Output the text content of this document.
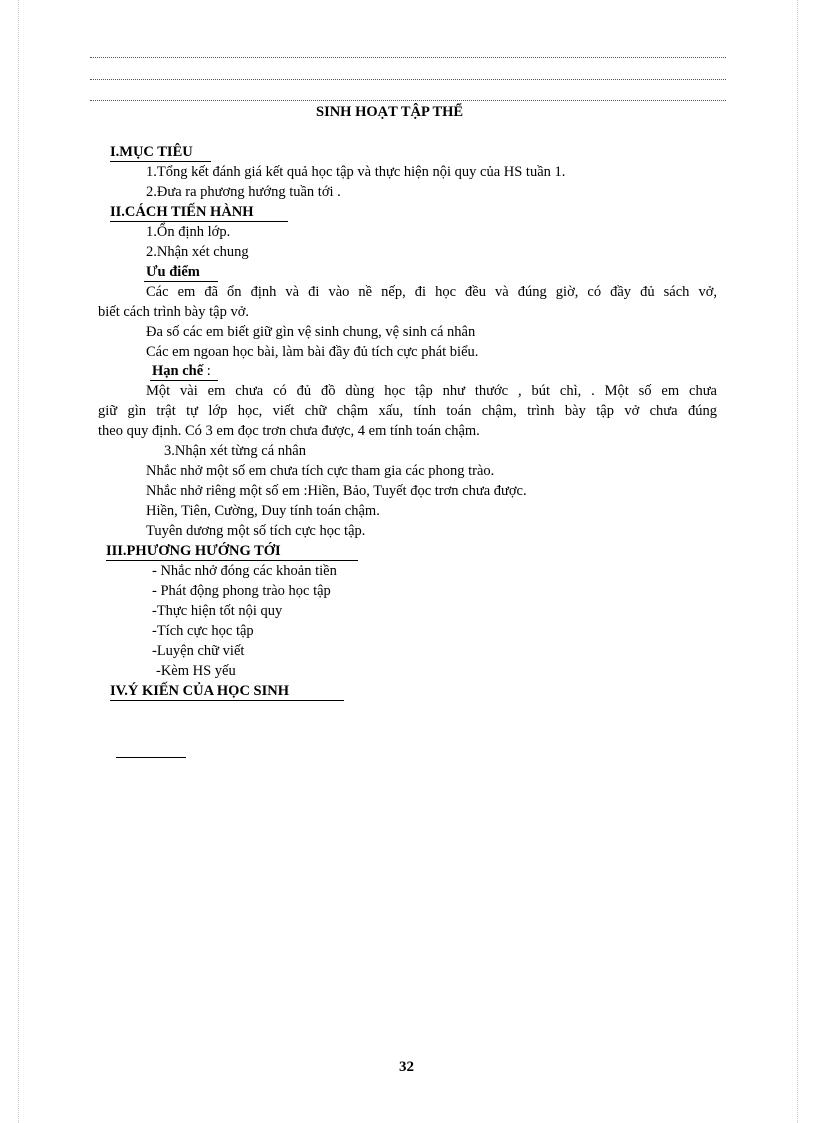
SINH HOẠT TẬP THỂ
I.MỤC TIÊU
1.Tổng kết đánh giá kết quả học tập và thực hiện nội quy của HS tuần 1.
2.Đưa ra phương hướng tuần tới .
II.CÁCH TIẾN HÀNH
1.Ổn định lớp.
2.Nhận xét chung
Ưu điểm
Các em đã ổn định và đi vào nề nếp, đi học đều và đúng giờ, có đầy đủ sách vở,
biết cách trình bày tập vở.
Đa số các em biết giữ gìn vệ sinh chung, vệ sinh cá nhân
Các em ngoan học bài, làm bài đầy đủ tích cực phát biểu.
Hạn chế :
Một vài em chưa có đủ đồ dùng học tập như thước , bút chì, . Một số em chưa
giữ gìn trật tự lớp học, viết chữ chậm xấu, tính toán chậm, trình bày tập vở chưa đúng
theo quy định. Có 3 em đọc trơn chưa được, 4 em tính toán chậm.
3.Nhận xét từng cá nhân
Nhắc nhở một số em chưa tích cực tham gia các phong trào.
Nhắc nhở riêng một số em :Hiền, Bảo, Tuyết đọc trơn chưa được.
Hiền, Tiên, Cường, Duy tính toán chậm.
Tuyên dương một số tích cực học tập.
III.PHƯƠNG HƯỚNG TỚI
- Nhắc nhở đóng các khoản tiền
- Phát động phong trào học tập
-Thực hiện tốt nội quy
-Tích cực học tập
-Luyện chữ viết
-Kèm HS yếu
IV.Ý KIẾN CỦA HỌC SINH
32
